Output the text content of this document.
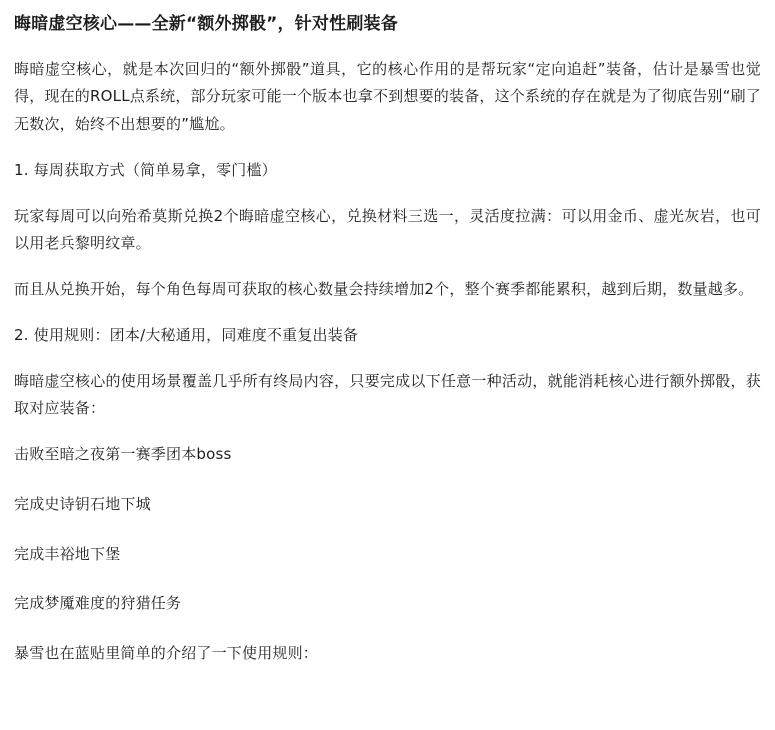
晦暗虚空核心——全新“额外掷骰”，针对性刷装备

晦暗虚空核心，就是本次回归的“额外掷骰”道具，它的核心作用的是帮玩家“定向追赶”装备，估计是暴雪也觉得，现在的ROLL点系统，部分玩家可能一个版本也拿不到想要的装备，这个系统的存在就是为了彻底告别“刷了无数次，始终不出想要的”尴尬。

1. 每周获取方式（简单易拿，零门槛）

玩家每周可以向殆希莫斯兑换2个晦暗虚空核心，兑换材料三选一，灵活度拉满：可以用金币、虚光灰岩，也可以用老兵黎明纹章。

而且从兑换开始，每个角色每周可获取的核心数量会持续增加2个，整个赛季都能累积，越到后期，数量越多。

2. 使用规则：团本/大秘通用，同难度不重复出装备

晦暗虚空核心的使用场景覆盖几乎所有终局内容，只要完成以下任意一种活动，就能消耗核心进行额外掷骰，获取对应装备：

击败至暗之夜第一赛季团本boss

完成史诗钥石地下城

完成丰裕地下堡

完成梦魇难度的狩猎任务

暴雪也在蓝贴里简单的介绍了一下使用规则：
